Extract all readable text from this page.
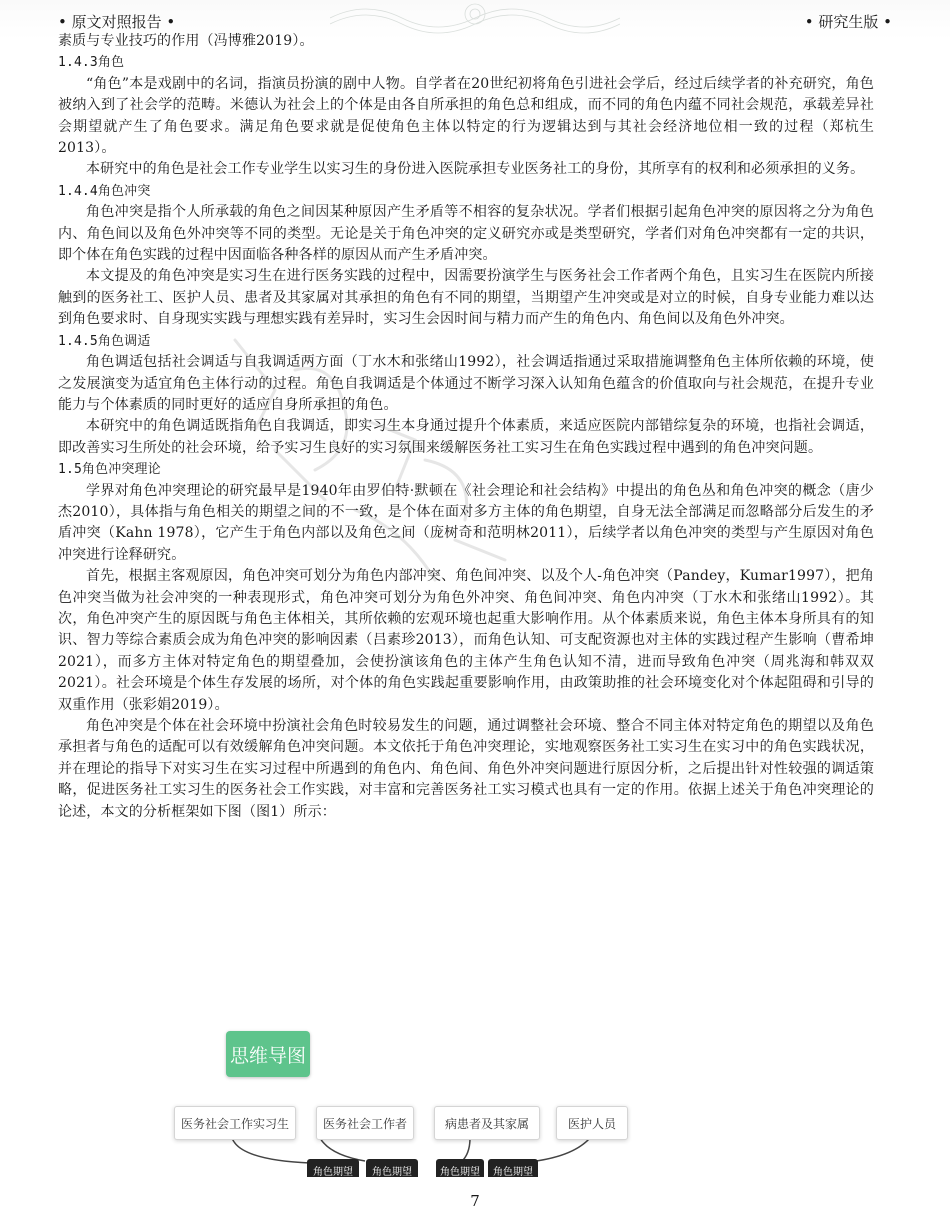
• 原文对照报告 •	• 研究生版 •

素质与专业技巧的作用（冯博雅2019）。

1.4.3角色

“角色”本是戏剧中的名词，指演员扮演的剧中人物。自学者在20世纪初将角色引进社会学后，经过后续学者的补充研究，角色被纳入到了社会学的范畴。米德认为社会上的个体是由各自所承担的角色总和组成，而不同的角色内蕴不同社会规范，承载差异社会期望就产生了角色要求。满足角色要求就是促使角色主体以特定的行为逻辑达到与其社会经济地位相一致的过程（郑杭生2013）。

本研究中的角色是社会工作专业学生以实习生的身份进入医院承担专业医务社工的身份，其所享有的权利和必须承担的义务。

1.4.4角色冲突

角色冲突是指个人所承载的角色之间因某种原因产生矛盾等不相容的复杂状况。学者们根据引起角色冲突的原因将之分为角色内、角色间以及角色外冲突等不同的类型。无论是关于角色冲突的定义研究亦或是类型研究，学者们对角色冲突都有一定的共识，即个体在角色实践的过程中因面临各种各样的原因从而产生矛盾冲突。

本文提及的角色冲突是实习生在进行医务实践的过程中，因需要扮演学生与医务社会工作者两个角色，且实习生在医院内所接触到的医务社工、医护人员、患者及其家属对其承担的角色有不同的期望，当期望产生冲突或是对立的时候，自身专业能力难以达到角色要求时、自身现实实践与理想实践有差异时，实习生会因时间与精力而产生的角色内、角色间以及角色外冲突。

1.4.5角色调适

角色调适包括社会调适与自我调适两方面（丁水木和张绪山1992），社会调适指通过采取措施调整角色主体所依赖的环境，使之发展演变为适宜角色主体行动的过程。角色自我调适是个体通过不断学习深入认知角色蕴含的价值取向与社会规范，在提升专业能力与个体素质的同时更好的适应自身所承担的角色。

本研究中的角色调适既指角色自我调适，即实习生本身通过提升个体素质，来适应医院内部错综复杂的环境，也指社会调适，即改善实习生所处的社会环境，给予实习生良好的实习氛围来缓解医务社工实习生在角色实践过程中遇到的角色冲突问题。

1.5角色冲突理论

学界对角色冲突理论的研究最早是1940年由罗伯特·默顿在《社会理论和社会结构》中提出的角色丛和角色冲突的概念（唐少杰2010），具体指与角色相关的期望之间的不一致，是个体在面对多方主体的角色期望，自身无法全部满足而忽略部分后发生的矛盾冲突（Kahn 1978），它产生于角色内部以及角色之间（庞树奇和范明林2011），后续学者以角色冲突的类型与产生原因对角色冲突进行诠释研究。

首先，根据主客观原因，角色冲突可划分为角色内部冲突、角色间冲突、以及个人-角色冲突（Pandey，Kumar1997），把角色冲突当做为社会冲突的一种表现形式，角色冲突可划分为角色外冲突、角色间冲突、角色内冲突（丁水木和张绪山1992）。其次，角色冲突产生的原因既与角色主体相关，其所依赖的宏观环境也起重大影响作用。从个体素质来说，角色主体本身所具有的知识、智力等综合素质会成为角色冲突的影响因素（吕素珍2013），而角色认知、可支配资源也对主体的实践过程产生影响（曹希坤2021），而多方主体对特定角色的期望叠加，会使扮演该角色的主体产生角色认知不清，进而导致角色冲突（周兆海和韩双双2021）。社会环境是个体生存发展的场所，对个体的角色实践起重要影响作用，由政策助推的社会环境变化对个体起阻碍和引导的双重作用（张彩娟2019）。

角色冲突是个体在社会环境中扮演社会角色时较易发生的问题，通过调整社会环境、整合不同主体对特定角色的期望以及角色承担者与角色的适配可以有效缓解角色冲突问题。本文依托于角色冲突理论，实地观察医务社工实习生在实习中的角色实践状况，并在理论的指导下对实习生在实习过程中所遇到的角色内、角色间、角色外冲突问题进行原因分析，之后提出针对性较强的调适策略，促进医务社工实习生的医务社会工作实践，对丰富和完善医务社工实习模式也具有一定的作用。依据上述关于角色冲突理论的论述，本文的分析框架如下图（图1）所示：

思维导图
医务社会工作实习生	医务社会工作者	病患者及其家属	医护人员
角色期望	角色期望	角色期望	角色期望
7
